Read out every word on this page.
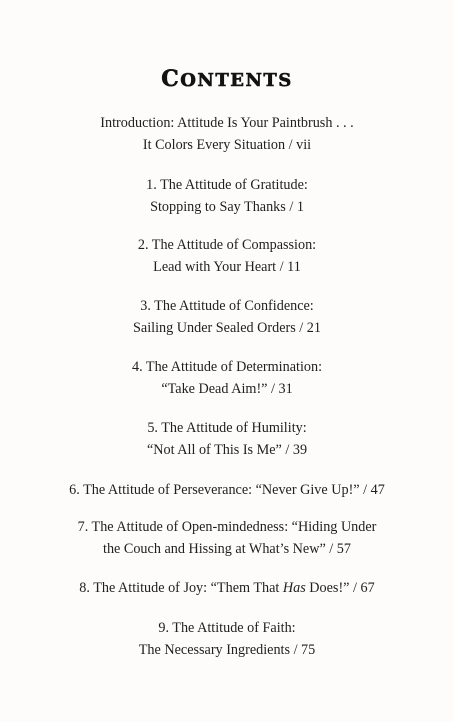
CONTENTS
Introduction: Attitude Is Your Paintbrush . . .
It Colors Every Situation / vii
1. The Attitude of Gratitude:
Stopping to Say Thanks / 1
2. The Attitude of Compassion:
Lead with Your Heart / 11
3. The Attitude of Confidence:
Sailing Under Sealed Orders / 21
4. The Attitude of Determination:
“Take Dead Aim!” / 31
5. The Attitude of Humility:
“Not All of This Is Me” / 39
6. The Attitude of Perseverance: “Never Give Up!” / 47
7. The Attitude of Open-mindedness: “Hiding Under
the Couch and Hissing at What’s New” / 57
8. The Attitude of Joy: “Them That Has Does!” / 67
9. The Attitude of Faith:
The Necessary Ingredients / 75
